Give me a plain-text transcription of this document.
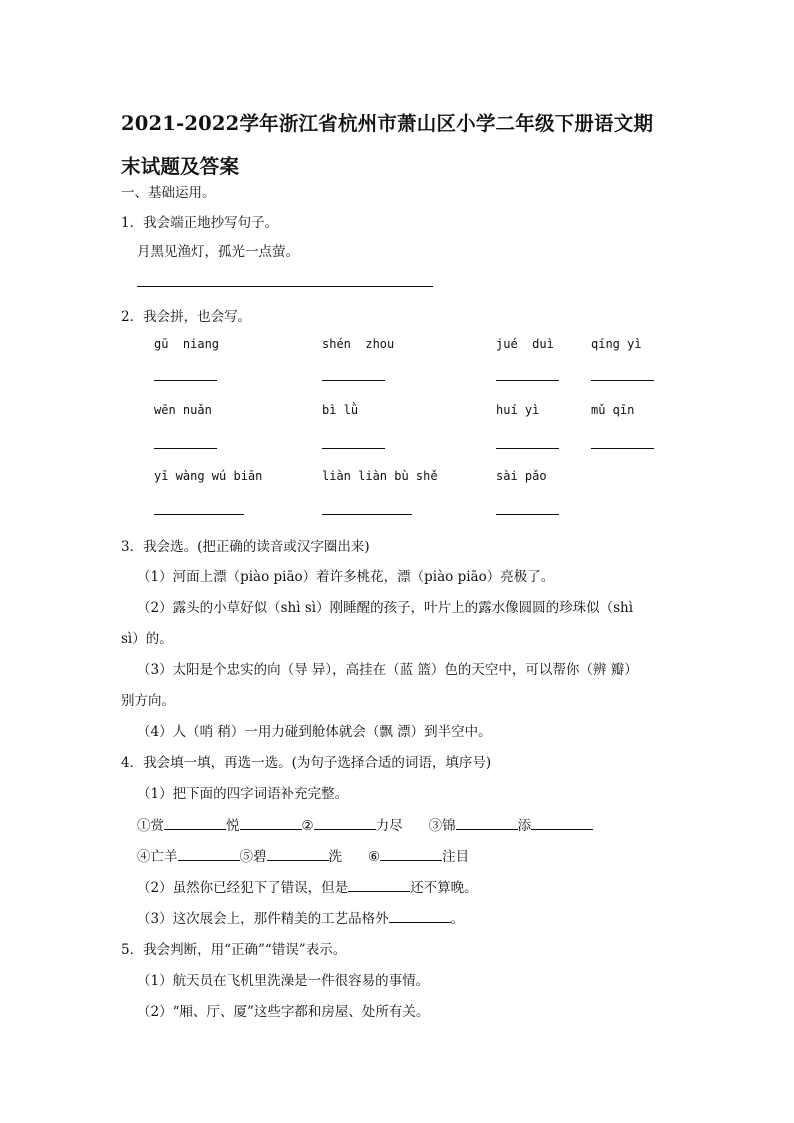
2021-2022学年浙江省杭州市萧山区小学二年级下册语文期
末试题及答案
一、基础运用。
1．我会端正地抄写句子。
月黑见渔灯，孤光一点萤。
2．我会拼，也会写。
gū  niang	shén  zhou	jué  duì	qíng yì
wēn nuǎn	bì lǜ	huí yì	mǔ qīn
yī wàng wú biān	liàn liàn bù shě	sài pǎo
3．我会选。(把正确的读音或汉字圈出来)
（1）河面上漂（piào piāo）着许多桃花，漂（piào piāo）亮极了。
（2）露头的小草好似（shì sì）刚睡醒的孩子，叶片上的露水像圆圆的珍珠似（shì
sì）的。
（3）太阳是个忠实的向（导 异），高挂在（蓝 篮）色的天空中，可以帮你（辨 瓣）
别方向。
（4）人（哨 稍）一用力碰到舱体就会（飘 漂）到半空中。
4．我会填一填，再选一选。(为句子选择合适的词语，填序号)
（1）把下面的四字词语补充完整。
①赏	悦	②	力尽 ③锦	添
④亡羊	⑤碧	洗 ⑥	注目
（2）虽然你已经犯下了错误，但是	还不算晚。
（3）这次展会上，那件精美的工艺品格外	。
5．我会判断，用“正确”“错误”表示。
（1）航天员在飞机里洗澡是一件很容易的事情。
（2）“厢、厅、厦”这些字都和房屋、处所有关。
